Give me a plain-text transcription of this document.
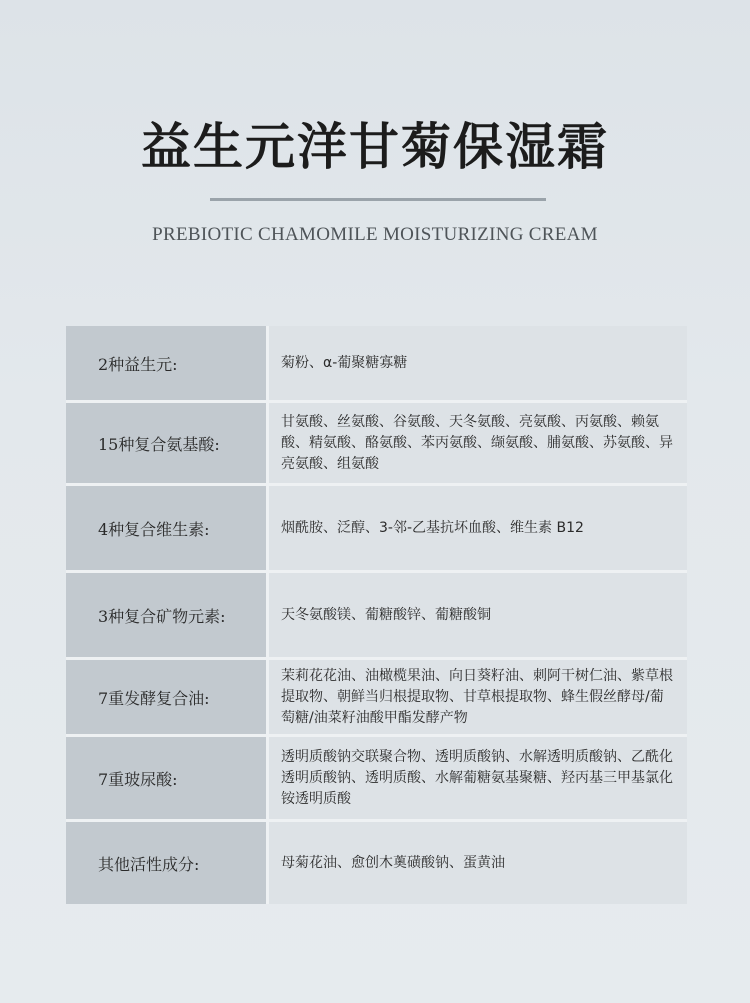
益生元洋甘菊保湿霜
PREBIOTIC CHAMOMILE MOISTURIZING CREAM
2种益生元:	菊粉、α-葡聚糖寡糖
15种复合氨基酸:
甘氨酸、丝氨酸、谷氨酸、天冬氨酸、亮氨酸、丙氨酸、赖氨酸、精氨酸、酪氨酸、苯丙氨酸、缬氨酸、脯氨酸、苏氨酸、异亮氨酸、组氨酸
4种复合维生素:	烟酰胺、泛醇、3-邻-乙基抗坏血酸、维生素 B12
3种复合矿物元素:	天冬氨酸镁、葡糖酸锌、葡糖酸铜
7重发酵复合油:
茉莉花花油、油橄榄果油、向日葵籽油、刺阿干树仁油、紫草根提取物、朝鲜当归根提取物、甘草根提取物、蜂生假丝酵母/葡萄糖/油菜籽油酸甲酯发酵产物
7重玻尿酸:
透明质酸钠交联聚合物、透明质酸钠、水解透明质酸钠、乙酰化透明质酸钠、透明质酸、水解葡糖氨基聚糖、羟丙基三甲基氯化铵透明质酸
其他活性成分:	母菊花油、愈创木薁磺酸钠、蛋黄油
